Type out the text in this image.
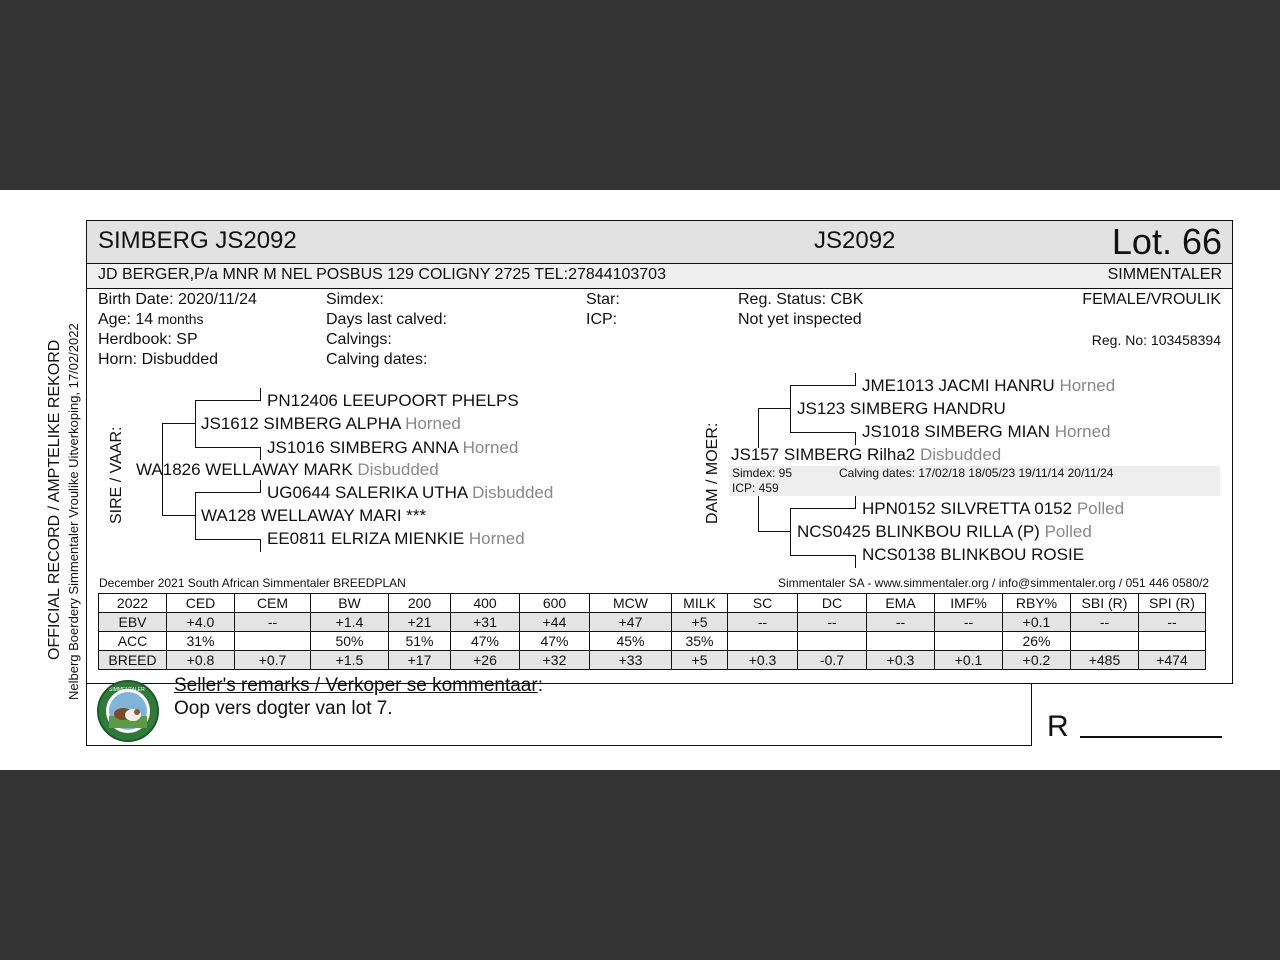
OFFICIAL RECORD / AMPTELIKE REKORD Nelberg Boerdery Simmentaler Vroulike Uitverkoping, 17/02/2022
SIMBERG JS2092	JS2092	Lot. 66
JD BERGER,P/a MNR M NEL POSBUS 129 COLIGNY 2725 TEL:27844103703	SIMMENTALER
Birth Date: 2020/11/24
Age: 14 months
Herdbook: SP
Horn: Disbudded
Simdex:
Days last calved:
Calvings:
Calving dates:
Star:
ICP:
Reg. Status: CBK
Not yet inspected
FEMALE/VROULIK
Reg. No: 103458394
SIRE / VAAR:	DAM / MOER:
PN12406 LEEUPOORT PHELPS
JS1612 SIMBERG ALPHA Horned
JS1016 SIMBERG ANNA Horned
WA1826 WELLAWAY MARK Disbudded
UG0644 SALERIKA UTHA Disbudded
WA128 WELLAWAY MARI ***
EE0811 ELRIZA MIENKIE Horned
JME1013 JACMI HANRU Horned
JS123 SIMBERG HANDRU
JS1018 SIMBERG MIAN Horned
JS157 SIMBERG Rilha2 Disbudded
Simdex: 95	Calving dates: 17/02/18 18/05/23 19/11/14 20/11/24
ICP: 459
HPN0152 SILVRETTA 0152 Polled
NCS0425 BLINKBOU RILLA (P) Polled
NCS0138 BLINKBOU ROSIE
December 2021 South African Simmentaler BREEDPLAN	Simmentaler SA - www.simmentaler.org / info@simmentaler.org / 051 446 0580/2
2022	CED	CEM	BW	200	400	600	MCW	MILK	SC	DC	EMA	IMF%	RBY%	SBI (R)	SPI (R)
EBV	+4.0	--	+1.4	+21	+31	+44	+47	+5	--	--	--	--	+0.1	--	--
ACC	31%		50%	51%	47%	47%	45%	35%					26%		
BREED	+0.8	+0.7	+1.5	+17	+26	+32	+33	+5	+0.3	-0.7	+0.3	+0.1	+0.2	+485	+474
SIMMENTALER Seller's remarks / Verkoper se kommentaar:
Oop vers dogter van lot 7.
R
